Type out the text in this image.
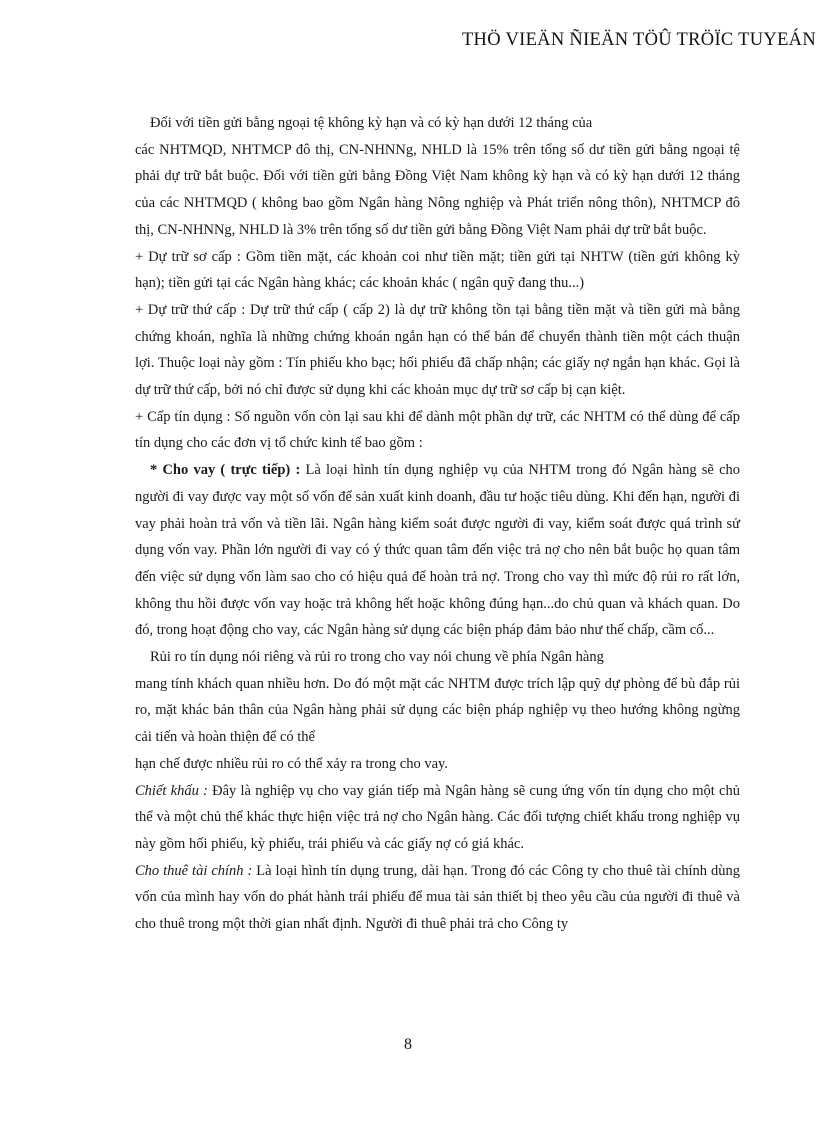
THÖ VIEÄN ÑIEÄN TÖÛ TRÖÏC TUYEÁN

Đối với tiền gửi bằng ngoại tệ không kỳ hạn và có kỳ hạn dưới 12 tháng của

các NHTMQD, NHTMCP đô thị, CN-NHNNg, NHLD là 15% trên tổng số dư tiền gửi bằng ngoại tệ phải dự trữ bắt buộc. Đối với tiền gửi bằng Đồng Việt Nam không kỳ hạn và có kỳ hạn dưới 12 tháng của các NHTMQD ( không bao gồm Ngân hàng Nông nghiệp và Phát triển nông thôn), NHTMCP đô thị, CN-NHNNg, NHLD là 3% trên tổng số dư tiền gửi bằng Đồng Việt Nam phải dự trữ bắt buộc.

+ Dự trữ sơ cấp : Gồm tiền mặt, các khoản coi như tiền mặt; tiền gửi tại NHTW (tiền gửi không kỳ hạn); tiền gửi tại các Ngân hàng khác; các khoản khác ( ngân quỹ đang thu...)

+ Dự trữ thứ cấp : Dự trữ thứ cấp ( cấp 2) là dự trữ không tồn tại bằng tiền mặt và tiền gửi mà bằng chứng khoán, nghĩa là những chứng khoán ngắn hạn có thể bán để chuyển thành tiền một cách thuận lợi. Thuộc loại này gồm : Tín phiếu kho bạc; hối phiếu đã chấp nhận; các giấy nợ ngắn hạn khác. Gọi là dự trữ thứ cấp, bởi nó chỉ được sử dụng khi các khoản mục dự trữ sơ cấp bị cạn kiệt.

+ Cấp tín dụng : Số nguồn vốn còn lại sau khi để dành một phần dự trữ, các NHTM có thể dùng để cấp tín dụng cho các đơn vị tổ chức kinh tế bao gồm :

* Cho vay ( trực tiếp) : Là loại hình tín dụng nghiệp vụ của NHTM trong đó Ngân hàng sẽ cho người đi vay được vay một số vốn để sản xuất kinh doanh, đầu tư hoặc tiêu dùng. Khi đến hạn, người đi vay phải hoàn trả vốn và tiền lãi. Ngân hàng kiểm soát được người đi vay, kiểm soát được quá trình sử dụng vốn vay. Phần lớn người đi vay có ý thức quan tâm đến việc trả nợ cho nên bắt buộc họ quan tâm đến việc sử dụng vốn làm sao cho có hiệu quả để hoàn trả nợ. Trong cho vay thì mức độ rủi ro rất lớn, không thu hồi được vốn vay hoặc trả không hết hoặc không đúng hạn...do chủ quan và khách quan. Do đó, trong hoạt động cho vay, các Ngân hàng sử dụng các biện pháp đảm bảo như thế chấp, cầm cố...

Rủi ro tín dụng nói riêng và rủi ro trong cho vay nói chung về phía Ngân hàng

mang tính khách quan nhiều hơn. Do đó một mặt các NHTM được trích lập quỹ dự phòng để bù đắp rủi ro, mặt khác bản thân của Ngân hàng phải sử dụng các biện pháp nghiệp vụ theo hướng không ngừng cải tiến và hoàn thiện để có thể

hạn chế được nhiều rủi ro có thể xảy ra trong cho vay.

Chiết khấu : Đây là nghiệp vụ cho vay gián tiếp mà Ngân hàng sẽ cung ứng vốn tín dụng cho một chủ thể và một chủ thể khác thực hiện việc trả nợ cho Ngân hàng. Các đối tượng chiết khấu trong nghiệp vụ này gồm hối phiếu, kỳ phiếu, trái phiếu và các giấy nợ có giá khác.

Cho thuê tài chính : Là loại hình tín dụng trung, dài hạn. Trong đó các Công ty cho thuê tài chính dùng vốn của mình hay vốn do phát hành trái phiếu để mua tài sản thiết bị theo yêu cầu của người đi thuê và cho thuê trong một thời gian nhất định. Người đi thuê phải trả cho Công ty

8
